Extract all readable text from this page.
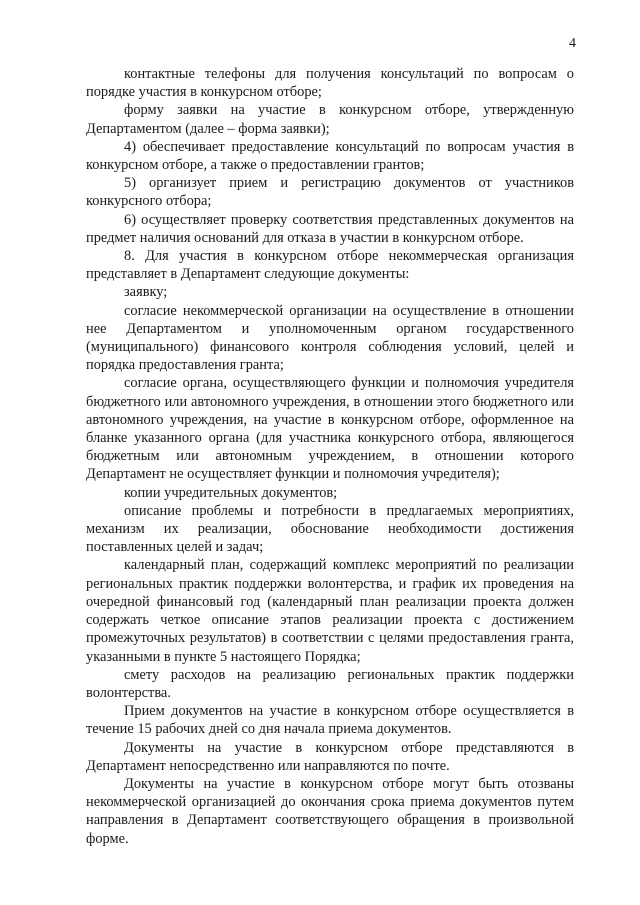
4

контактные телефоны для получения консультаций по вопросам о порядке участия в конкурсном отборе;

форму заявки на участие в конкурсном отборе, утвержденную Департаментом (далее – форма заявки);

4) обеспечивает предоставление консультаций по вопросам участия в конкурсном отборе, а также о предоставлении грантов;

5) организует прием и регистрацию документов от участников конкурсного отбора;

6) осуществляет проверку соответствия представленных документов на предмет наличия оснований для отказа в участии в конкурсном отборе.

8. Для участия в конкурсном отборе некоммерческая организация представляет в Департамент следующие документы:

заявку;

согласие некоммерческой организации на осуществление в отношении нее Департаментом и уполномоченным органом государственного (муниципального) финансового контроля соблюдения условий, целей и порядка предоставления гранта;

согласие органа, осуществляющего функции и полномочия учредителя бюджетного или автономного учреждения, в отношении этого бюджетного или автономного учреждения, на участие в конкурсном отборе, оформленное на бланке указанного органа (для участника конкурсного отбора, являющегося бюджетным или автономным учреждением, в отношении которого Департамент не осуществляет функции и полномочия учредителя);

копии учредительных документов;

описание проблемы и потребности в предлагаемых мероприятиях, механизм их реализации, обоснование необходимости достижения поставленных целей и задач;

календарный план, содержащий комплекс мероприятий по реализации региональных практик поддержки волонтерства, и график их проведения на очередной финансовый год (календарный план реализации проекта должен содержать четкое описание этапов реализации проекта с достижением промежуточных результатов) в соответствии с целями предоставления гранта, указанными в пункте 5 настоящего Порядка;

смету расходов на реализацию региональных практик поддержки волонтерства.

Прием документов на участие в конкурсном отборе осуществляется в течение 15 рабочих дней со дня начала приема документов.

Документы на участие в конкурсном отборе представляются в Департамент непосредственно или направляются по почте.

Документы на участие в конкурсном отборе могут быть отозваны некоммерческой организацией до окончания срока приема документов путем направления в Департамент соответствующего обращения в произвольной форме.
